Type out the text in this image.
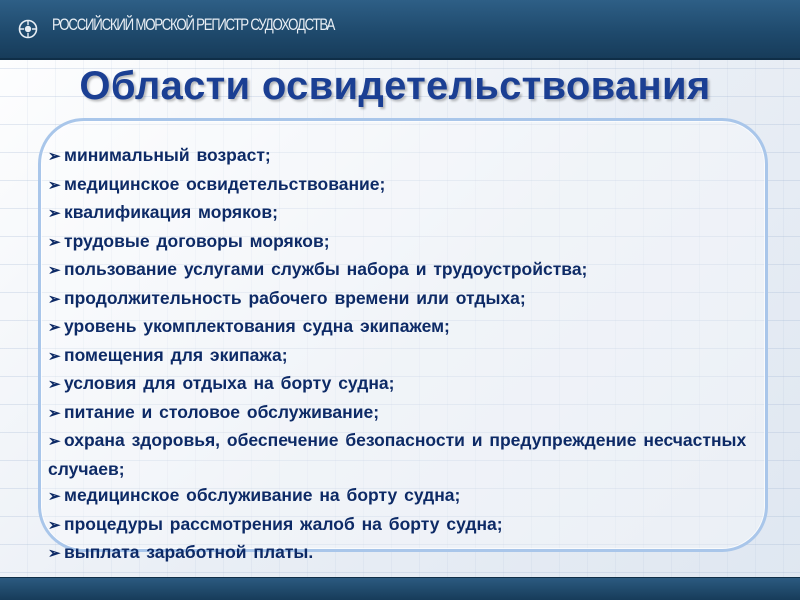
РОССИЙСКИЙ МОРСКОЙ РЕГИСТР СУДОХОДСТВА
Области освидетельствования
➢ минимальный возраст;
➢ медицинское освидетельствование;
➢ квалификация моряков;
➢ трудовые договоры моряков;
➢ пользование услугами службы набора и трудоустройства;
➢ продолжительность рабочего времени или отдыха;
➢ уровень укомплектования судна экипажем;
➢ помещения для экипажа;
➢ условия для отдыха на борту судна;
➢ питание и столовое обслуживание;
➢ охрана здоровья, обеспечение безопасности и предупреждение несчастных случаев;
➢ медицинское обслуживание на борту судна;
➢ процедуры рассмотрения жалоб на борту судна;
➢ выплата заработной платы.
